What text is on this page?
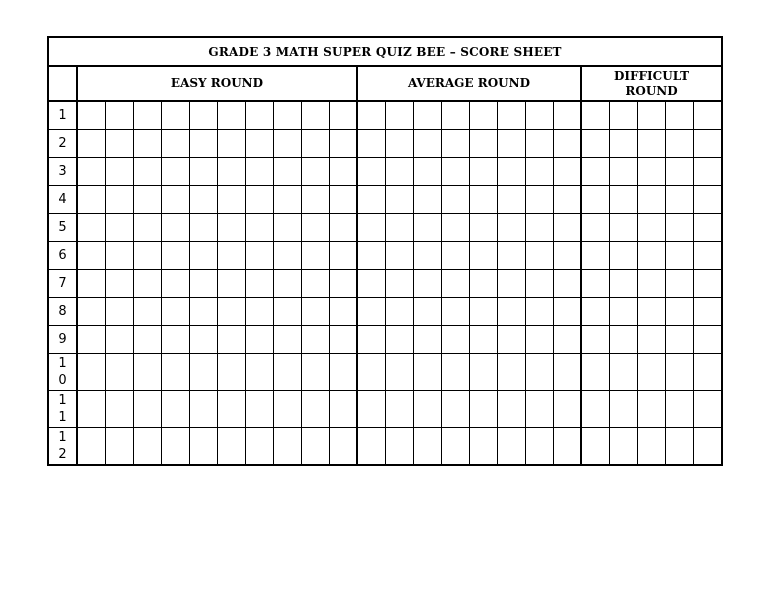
GRADE 3 MATH SUPER QUIZ BEE – SCORE SHEET																							
	EASY ROUND										AVERAGE ROUND								DIFFICULT ROUND				
1																							
2																							
3																							
4																							
5																							
6																							
7																							
8																							
9																							
10																							
11																							
12																							
